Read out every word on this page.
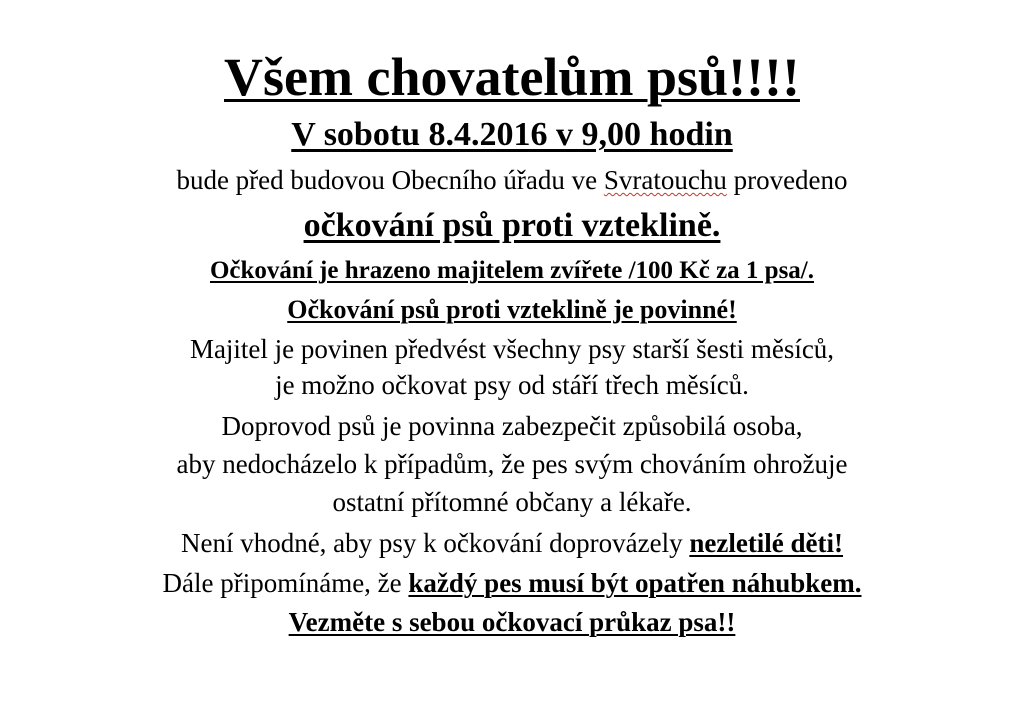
Všem chovatelům psů!!!!
V sobotu 8.4.2016 v 9,00 hodin
bude před budovou Obecního úřadu ve Svratouchu provedeno
očkování psů proti vzteklině.
Očkování je hrazeno majitelem zvířete /100 Kč za 1 psa/.
Očkování psů proti vzteklině je povinné!
Majitel je povinen předvést všechny psy starší šesti měsíců,
je možno očkovat psy od stáří třech měsíců.
Doprovod psů je povinna zabezpečit způsobilá osoba,
aby nedocházelo k případům, že pes svým chováním ohrožuje
ostatní přítomné občany a lékaře.
Není vhodné, aby psy k očkování doprovázely nezletilé děti!
Dále připomínáme, že každý pes musí být opatřen náhubkem.
Vezměte s sebou očkovací průkaz psa!!
